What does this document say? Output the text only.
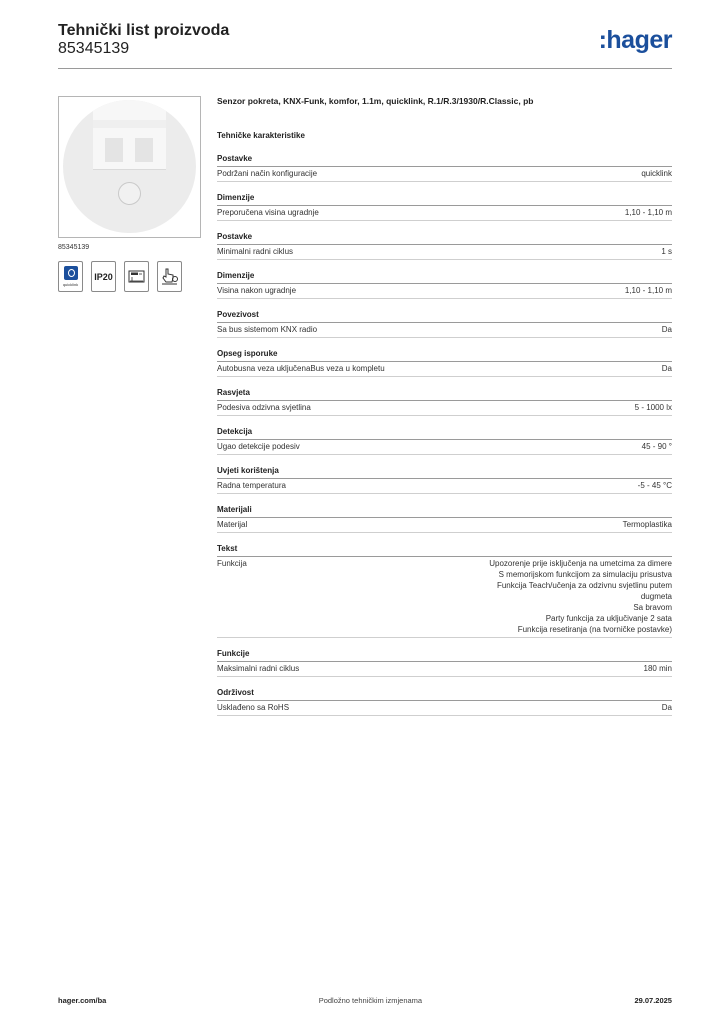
Tehnički list proizvoda
85345139	:hager
85345139
quicklink
IP20
Senzor pokreta, KNX-Funk, komfor, 1.1m, quicklink, R.1/R.3/1930/R.Classic, pb
Tehničke karakteristike
Postavke
Podržani način konfiguracije	quicklink
Dimenzije
Preporučena visina ugradnje	1,10 - 1,10 m
Postavke
Minimalni radni ciklus	1 s
Dimenzije
Visina nakon ugradnje	1,10 - 1,10 m
Povezivost
Sa bus sistemom KNX radio	Da
Opseg isporuke
Autobusna veza uključenaBus veza u kompletu	Da
Rasvjeta
Podesiva odzivna svjetlina	5 - 1000 lx
Detekcija
Ugao detekcije podesiv	45 - 90 °
Uvjeti korištenja
Radna temperatura	-5 - 45 °C
Materijali
Materijal	Termoplastika
Tekst
Funkcija	Upozorenje prije isključenja na umetcima za dimere
S memorijskom funkcijom za simulaciju prisustva
Funkcija Teach/učenja za odzivnu svjetlinu putem
dugmeta
Sa bravom
Party funkcija za uključivanje 2 sata
Funkcija resetiranja (na tvorničke postavke)
Funkcije
Maksimalni radni ciklus	180 min
Održivost
Usklađeno sa RoHS	Da
hager.com/ba	Podložno tehničkim izmjenama	29.07.2025
